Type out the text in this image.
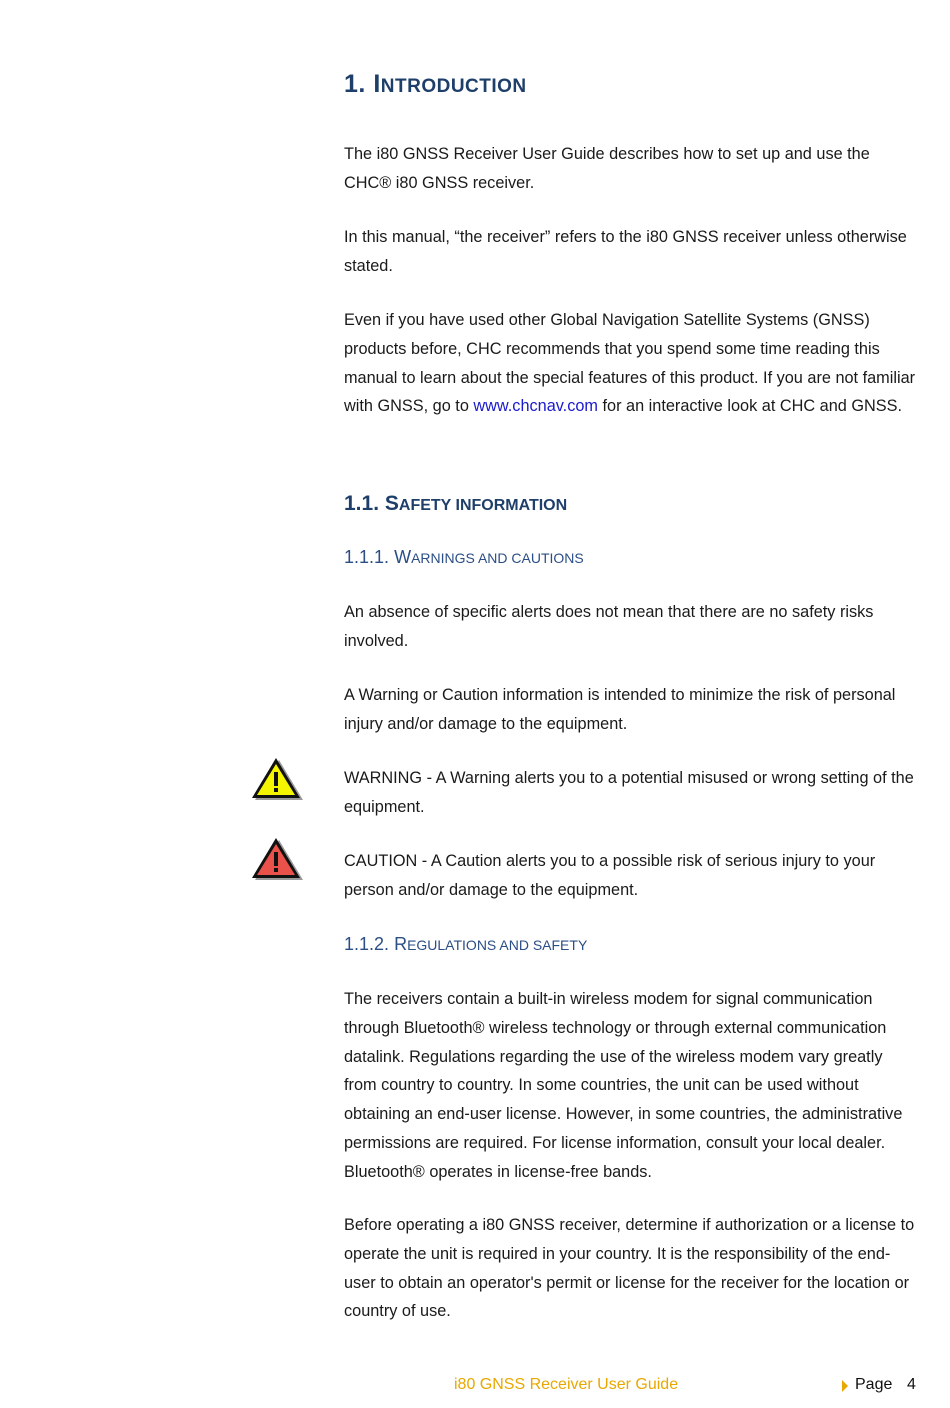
1. INTRODUCTION

The i80 GNSS Receiver User Guide describes how to set up and use the CHC® i80 GNSS receiver.

In this manual, “the receiver” refers to the i80 GNSS receiver unless otherwise stated.

Even if you have used other Global Navigation Satellite Systems (GNSS) products before, CHC recommends that you spend some time reading this manual to learn about the special features of this product. If you are not familiar with GNSS, go to www.chcnav.com for an interactive look at CHC and GNSS.

1.1. SAFETY INFORMATION
1.1.1. WARNINGS AND CAUTIONS

An absence of specific alerts does not mean that there are no safety risks involved.

A Warning or Caution information is intended to minimize the risk of personal injury and/or damage to the equipment.

WARNING - A Warning alerts you to a potential misused or wrong setting of the equipment.

CAUTION - A Caution alerts you to a possible risk of serious injury to your person and/or damage to the equipment.

1.1.2. REGULATIONS AND SAFETY

The receivers contain a built-in wireless modem for signal communication through Bluetooth® wireless technology or through external communication datalink. Regulations regarding the use of the wireless modem vary greatly from country to country. In some countries, the unit can be used without obtaining an end-user license. However, in some countries, the administrative permissions are required. For license information, consult your local dealer. Bluetooth® operates in license-free bands.

Before operating a i80 GNSS receiver, determine if authorization or a license to operate the unit is required in your country. It is the responsibility of the end-user to obtain an operator's permit or license for the receiver for the location or country of use.

i80 GNSS Receiver User Guide	Page 4
